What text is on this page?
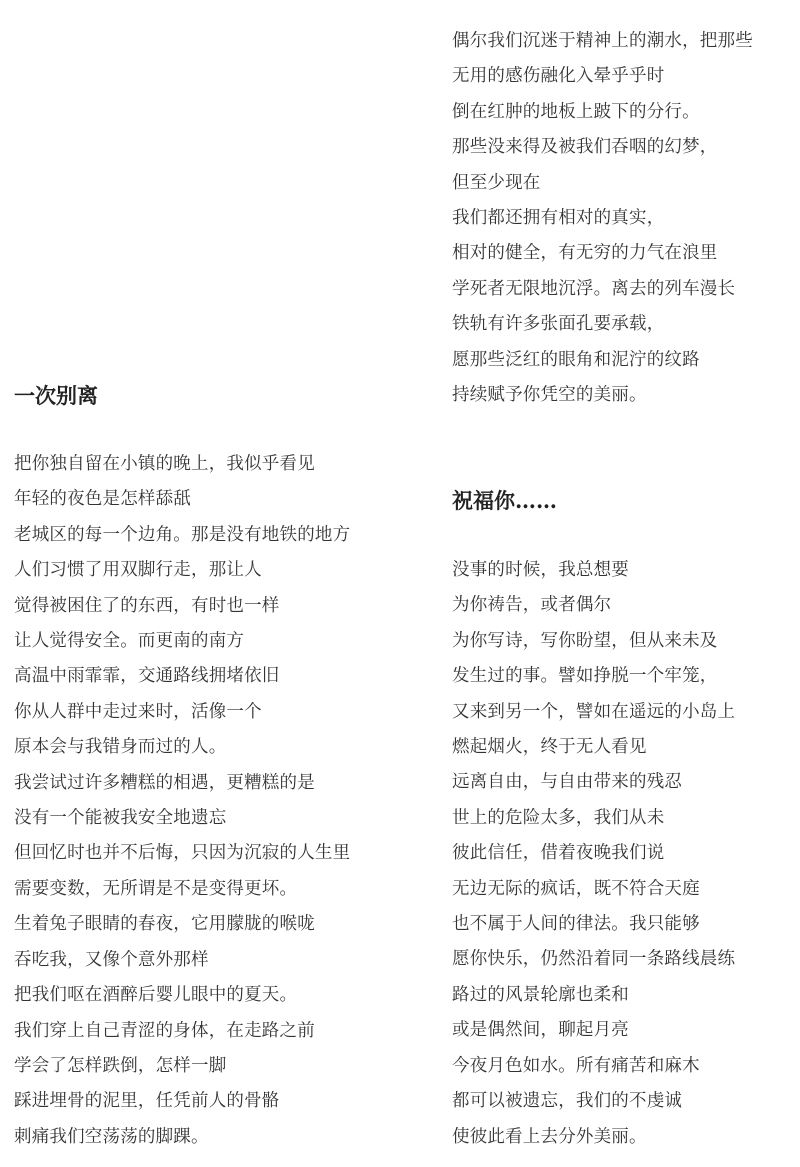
一次别离

把你独自留在小镇的晚上，我似乎看见

年轻的夜色是怎样舔舐

老城区的每一个边角。那是没有地铁的地方

人们习惯了用双脚行走，那让人

觉得被困住了的东西，有时也一样

让人觉得安全。而更南的南方

高温中雨霏霏，交通路线拥堵依旧

你从人群中走过来时，活像一个

原本会与我错身而过的人。

我尝试过许多糟糕的相遇，更糟糕的是

没有一个能被我安全地遗忘

但回忆时也并不后悔，只因为沉寂的人生里

需要变数，无所谓是不是变得更坏。

生着兔子眼睛的春夜，它用朦胧的喉咙

吞吃我，又像个意外那样

把我们呕在酒醉后婴儿眼中的夏天。

我们穿上自己青涩的身体，在走路之前

学会了怎样跌倒，怎样一脚

踩进埋骨的泥里，任凭前人的骨骼

刺痛我们空荡荡的脚踝。

偶尔我们沉迷于精神上的潮水，把那些

无用的感伤融化入晕乎乎时

倒在红肿的地板上跛下的分行。

那些没来得及被我们吞咽的幻梦，

但至少现在

我们都还拥有相对的真实，

相对的健全，有无穷的力气在浪里

学死者无限地沉浮。离去的列车漫长

铁轨有许多张面孔要承载，

愿那些泛红的眼角和泥泞的纹路

持续赋予你凭空的美丽。

祝福你……

没事的时候，我总想要

为你祷告，或者偶尔

为你写诗，写你盼望，但从来未及

发生过的事。譬如挣脱一个牢笼，

又来到另一个，譬如在遥远的小岛上

燃起烟火，终于无人看见

远离自由，与自由带来的残忍

世上的危险太多，我们从未

彼此信任，借着夜晚我们说

无边无际的疯话，既不符合天庭

也不属于人间的律法。我只能够

愿你快乐，仍然沿着同一条路线晨练

路过的风景轮廓也柔和

或是偶然间，聊起月亮

今夜月色如水。所有痛苦和麻木

都可以被遗忘，我们的不虔诚

使彼此看上去分外美丽。
